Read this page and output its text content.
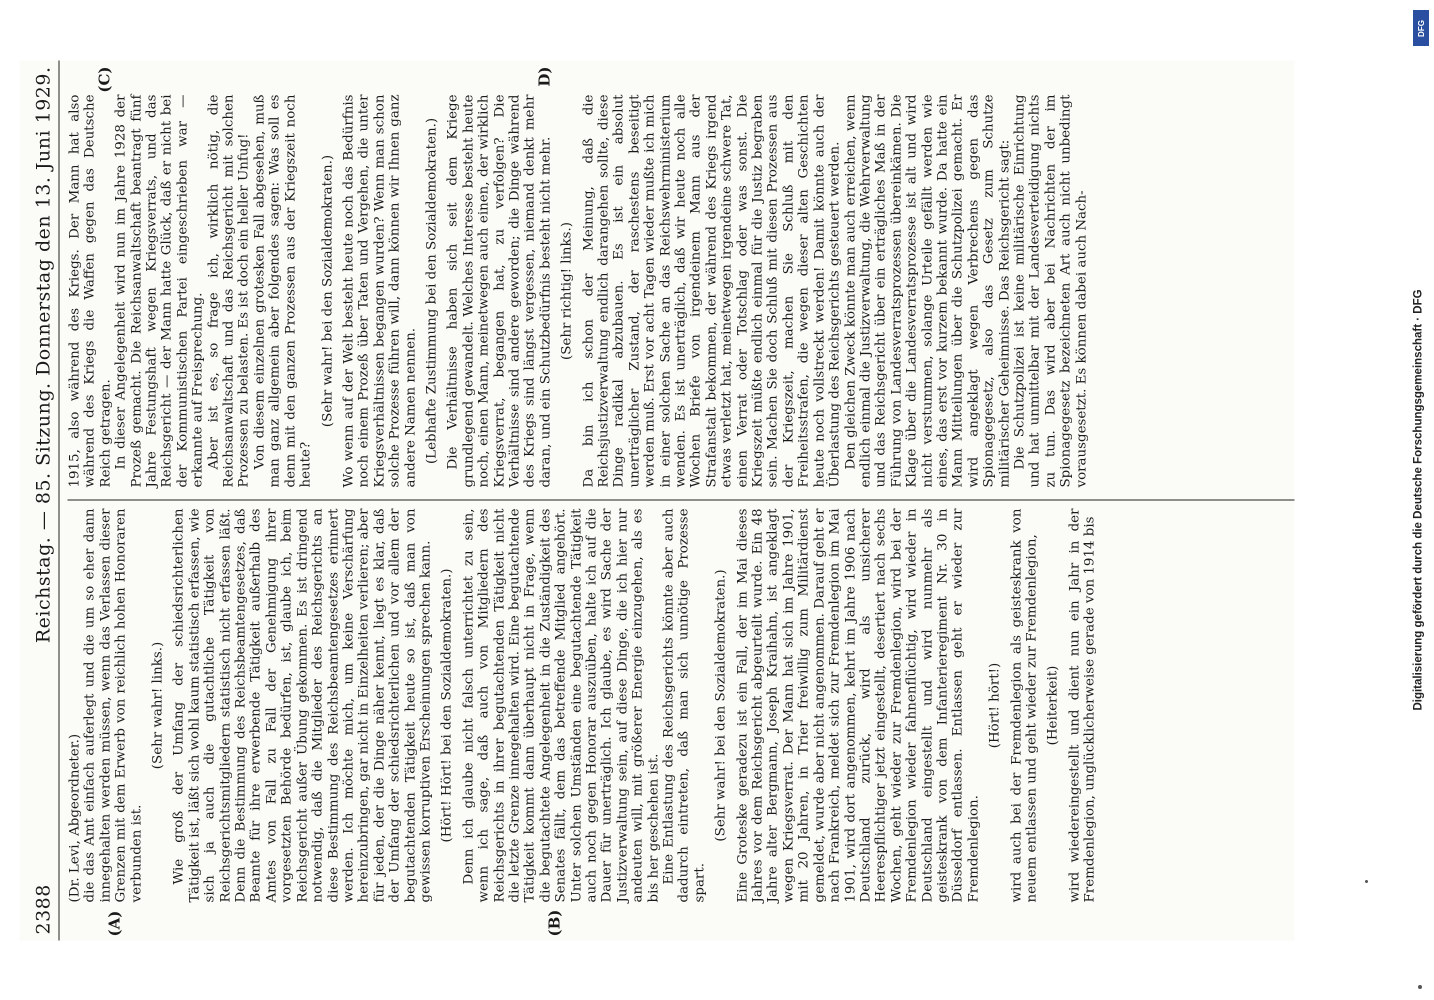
2388
Reichstag. — 85. Sitzung. Donnerstag den 13. Juni 1929.
(A)	(B)

(Dr. Levi, Abgeordneter.) die das Amt einfach auferlegt und die um so eher dann innegehalten werden müssen, wenn das Verlassen dieser Grenzen mit dem Erwerb von reichlich hohen Honoraren verbunden ist.

(Sehr wahr! links.) Wie groß der Umfang der schiedsrichterlichen Tätigkeit ist, läßt sich wohl kaum statistisch erfassen, wie sich ja auch die gutachtliche Tätigkeit von Reichsgerichtsmitgliedern statistisch nicht erfassen läßt. Denn die Bestimmung des Reichsbeamtengesetzes, daß Beamte für ihre erwerbende Tätigkeit außerhalb des Amtes von Fall zu Fall der Genehmigung ihrer vorgesetzten Behörde bedürfen, ist, glaube ich, beim Reichsgericht außer Übung gekommen. Es ist dringend notwendig, daß die Mitglieder des Reichsgerichts an diese Bestimmung des Reichsbeamtengesetzes erinnert werden. Ich möchte mich, um keine Verschärfung hereinzubringen, gar nicht in Einzelheiten verlieren; aber für jeden, der die Dinge näher kennt, liegt es klar, daß der Umfang der schiedsrichterlichen und vor allem der begutachtenden Tätigkeit heute so ist, daß man von gewissen korruptiven Erscheinungen sprechen kann. (Hört! Hört! bei den Sozialdemokraten.) Denn ich glaube nicht falsch unterrichtet zu sein, wenn ich sage, daß auch von Mitgliedern des Reichsgerichts in ihrer begutachtenden Tätigkeit nicht die letzte Grenze innegehalten wird. Eine begutachtende Tätigkeit kommt dann überhaupt nicht in Frage, wenn die begutachtete Angelegenheit in die Zuständigkeit des Senates fällt, dem das betreffende Mitglied angehört. Unter solchen Umständen eine begutachtende Tätigkeit auch noch gegen Honorar auszuüben, halte ich auf die Dauer für unerträglich. Ich glaube, es wird Sache der Justizverwaltung sein, auf diese Dinge, die ich hier nur andeuten will, mit größerer Energie einzugehen, als es bis her geschehen ist. Eine Entlastung des Reichsgerichts könnte aber auch dadurch eintreten, daß man sich unnötige Prozesse spart.

(Sehr wahr! bei den Sozialdemokraten.) Eine Groteske geradezu ist ein Fall, der im Mai dieses Jahres vor dem Reichsgericht abgeurteilt wurde. Ein 48 Jahre alter Bergmann, Joseph Kraihahn, ist angeklagt wegen Kriegsverrat. Der Mann hat sich im Jahre 1901, mit 20 Jahren, in Trier freiwillig zum Militärdienst gemeldet, wurde aber nicht angenommen. Darauf geht er nach Frankreich, meldet sich zur Fremdenlegion im Mai 1901, wird dort angenommen, kehrt im Jahre 1906 nach Deutschland zurück, wird als unsicherer Heerespflichtiger jetzt eingestellt, desertiert nach sechs Wochen, geht wieder zur Fremdenlegion, wird bei der Fremdenlegion wieder fahnenflüchtig, wird wieder in Deutschland eingestellt und wird nunmehr als geisteskrank von dem Infanterieregiment Nr. 30 in Düsseldorf entlassen. Entlassen geht er wieder zur Fremdenlegion.

(Hört! hört!) wird auch bei der Fremdenlegion als geisteskrank von neuem entlassen und geht wieder zur Fremdenlegion, (Heiterkeit) wird wiedereingestellt und dient nun ein Jahr in der Fremdenlegion, unglücklicherweise gerade von 1914 bis

(C)	D)

1915, also während des Kriegs. Der Mann hat also während des Kriegs die Waffen gegen das Deutsche Reich getragen. In dieser Angelegenheit wird nun im Jahre 1928 der Prozeß gemacht. Die Reichsanwaltschaft beantragt fünf Jahre Festungshaft wegen Kriegsverrats, und das Reichsgericht — der Mann hatte Glück, daß er nicht bei der Kommunistischen Partei eingeschrieben war — erkannte auf Freisprechung. Aber ist es, so frage ich, wirklich nötig, die Reichsanwaltschaft und das Reichsgericht mit solchen Prozessen zu belasten. Es ist doch ein heller Unfug! Von diesem einzelnen grotesken Fall abgesehen, muß man ganz allgemein aber folgendes sagen: Was soll es denn mit den ganzen Prozessen aus der Kriegszeit noch heute?

(Sehr wahr! bei den Sozialdemokraten.) Wo wenn auf der Welt besteht heute noch das Bedürfnis noch einem Prozeß über Taten und Vergehen, die unter Kriegsverhältnissen begangen wurden? Wenn man schon solche Prozesse führen will, dann können wir Ihnen ganz andere Namen nennen. (Lebhafte Zustimmung bei den Sozialdemokraten.) Die Verhältnisse haben sich seit dem Kriege grundlegend gewandelt. Welches Interesse besteht heute noch, einen Mann, meinetwegen auch einen, der wirklich Kriegsverrat, begangen hat, zu verfolgen? Die Verhältnisse sind andere geworden; die Dinge während des Kriegs sind längst vergessen, niemand denkt mehr daran, und ein Schutzbedürfnis besteht nicht mehr. (Sehr richtig! links.) Da bin ich schon der Meinung, daß die Reichsjustizverwaltung endlich darangehen sollte, diese Dinge radikal abzubauen. Es ist ein absolut unerträglicher Zustand, der raschestens beseitigt werden muß. Erst vor acht Tagen wieder mußte ich mich in einer solchen Sache an das Reichswehrministerium wenden. Es ist unerträglich, daß wir heute noch alle Wochen Briefe von irgendeinem Mann aus der Strafanstalt bekommen, der während des Kriegs irgend etwas verletzt hat, meinetwegen irgendeine schwere Tat, einen Verrat oder Totschlag oder was sonst. Die Kriegszeit müßte endlich einmal für die Justiz begraben sein. Machen Sie doch Schluß mit diesen Prozessen aus der Kriegszeit, machen Sie Schluß mit den Freiheitsstrafen, die wegen dieser alten Geschichten heute noch vollstreckt werden! Damit könnte auch der Überlastung des Reichsgerichts gesteuert werden. Den gleichen Zweck könnte man auch erreichen, wenn endlich einmal die Justizverwaltung, die Wehrverwaltung und das Reichsgericht über ein erträgliches Maß in der Führung von Landesverratsprozessen übereinkämen. Die Klage über die Landesverratsprozesse ist alt und wird nicht verstummen, solange Urteile gefällt werden wie eines, das erst vor kurzem bekannt wurde. Da hatte ein Mann Mitteilungen über die Schutzpolizei gemacht. Er wird angeklagt wegen Verbrechens gegen das Spionagegesetz, also das Gesetz zum Schutze militärischer Geheimnisse. Das Reichsgericht sagt: Die Schutzpolizei ist keine militärische Einrichtung und hat unmittelbar mit der Landesverteidigung nichts zu tun. Das wird aber bei Nachrichten der im Spionagegesetz bezeichneten Art auch nicht unbedingt vorausgesetzt. Es können dabei auch Nach-

DFG
Digitalisierung gefördert durch die Deutsche Forschungsgemeinschaft · DFG
